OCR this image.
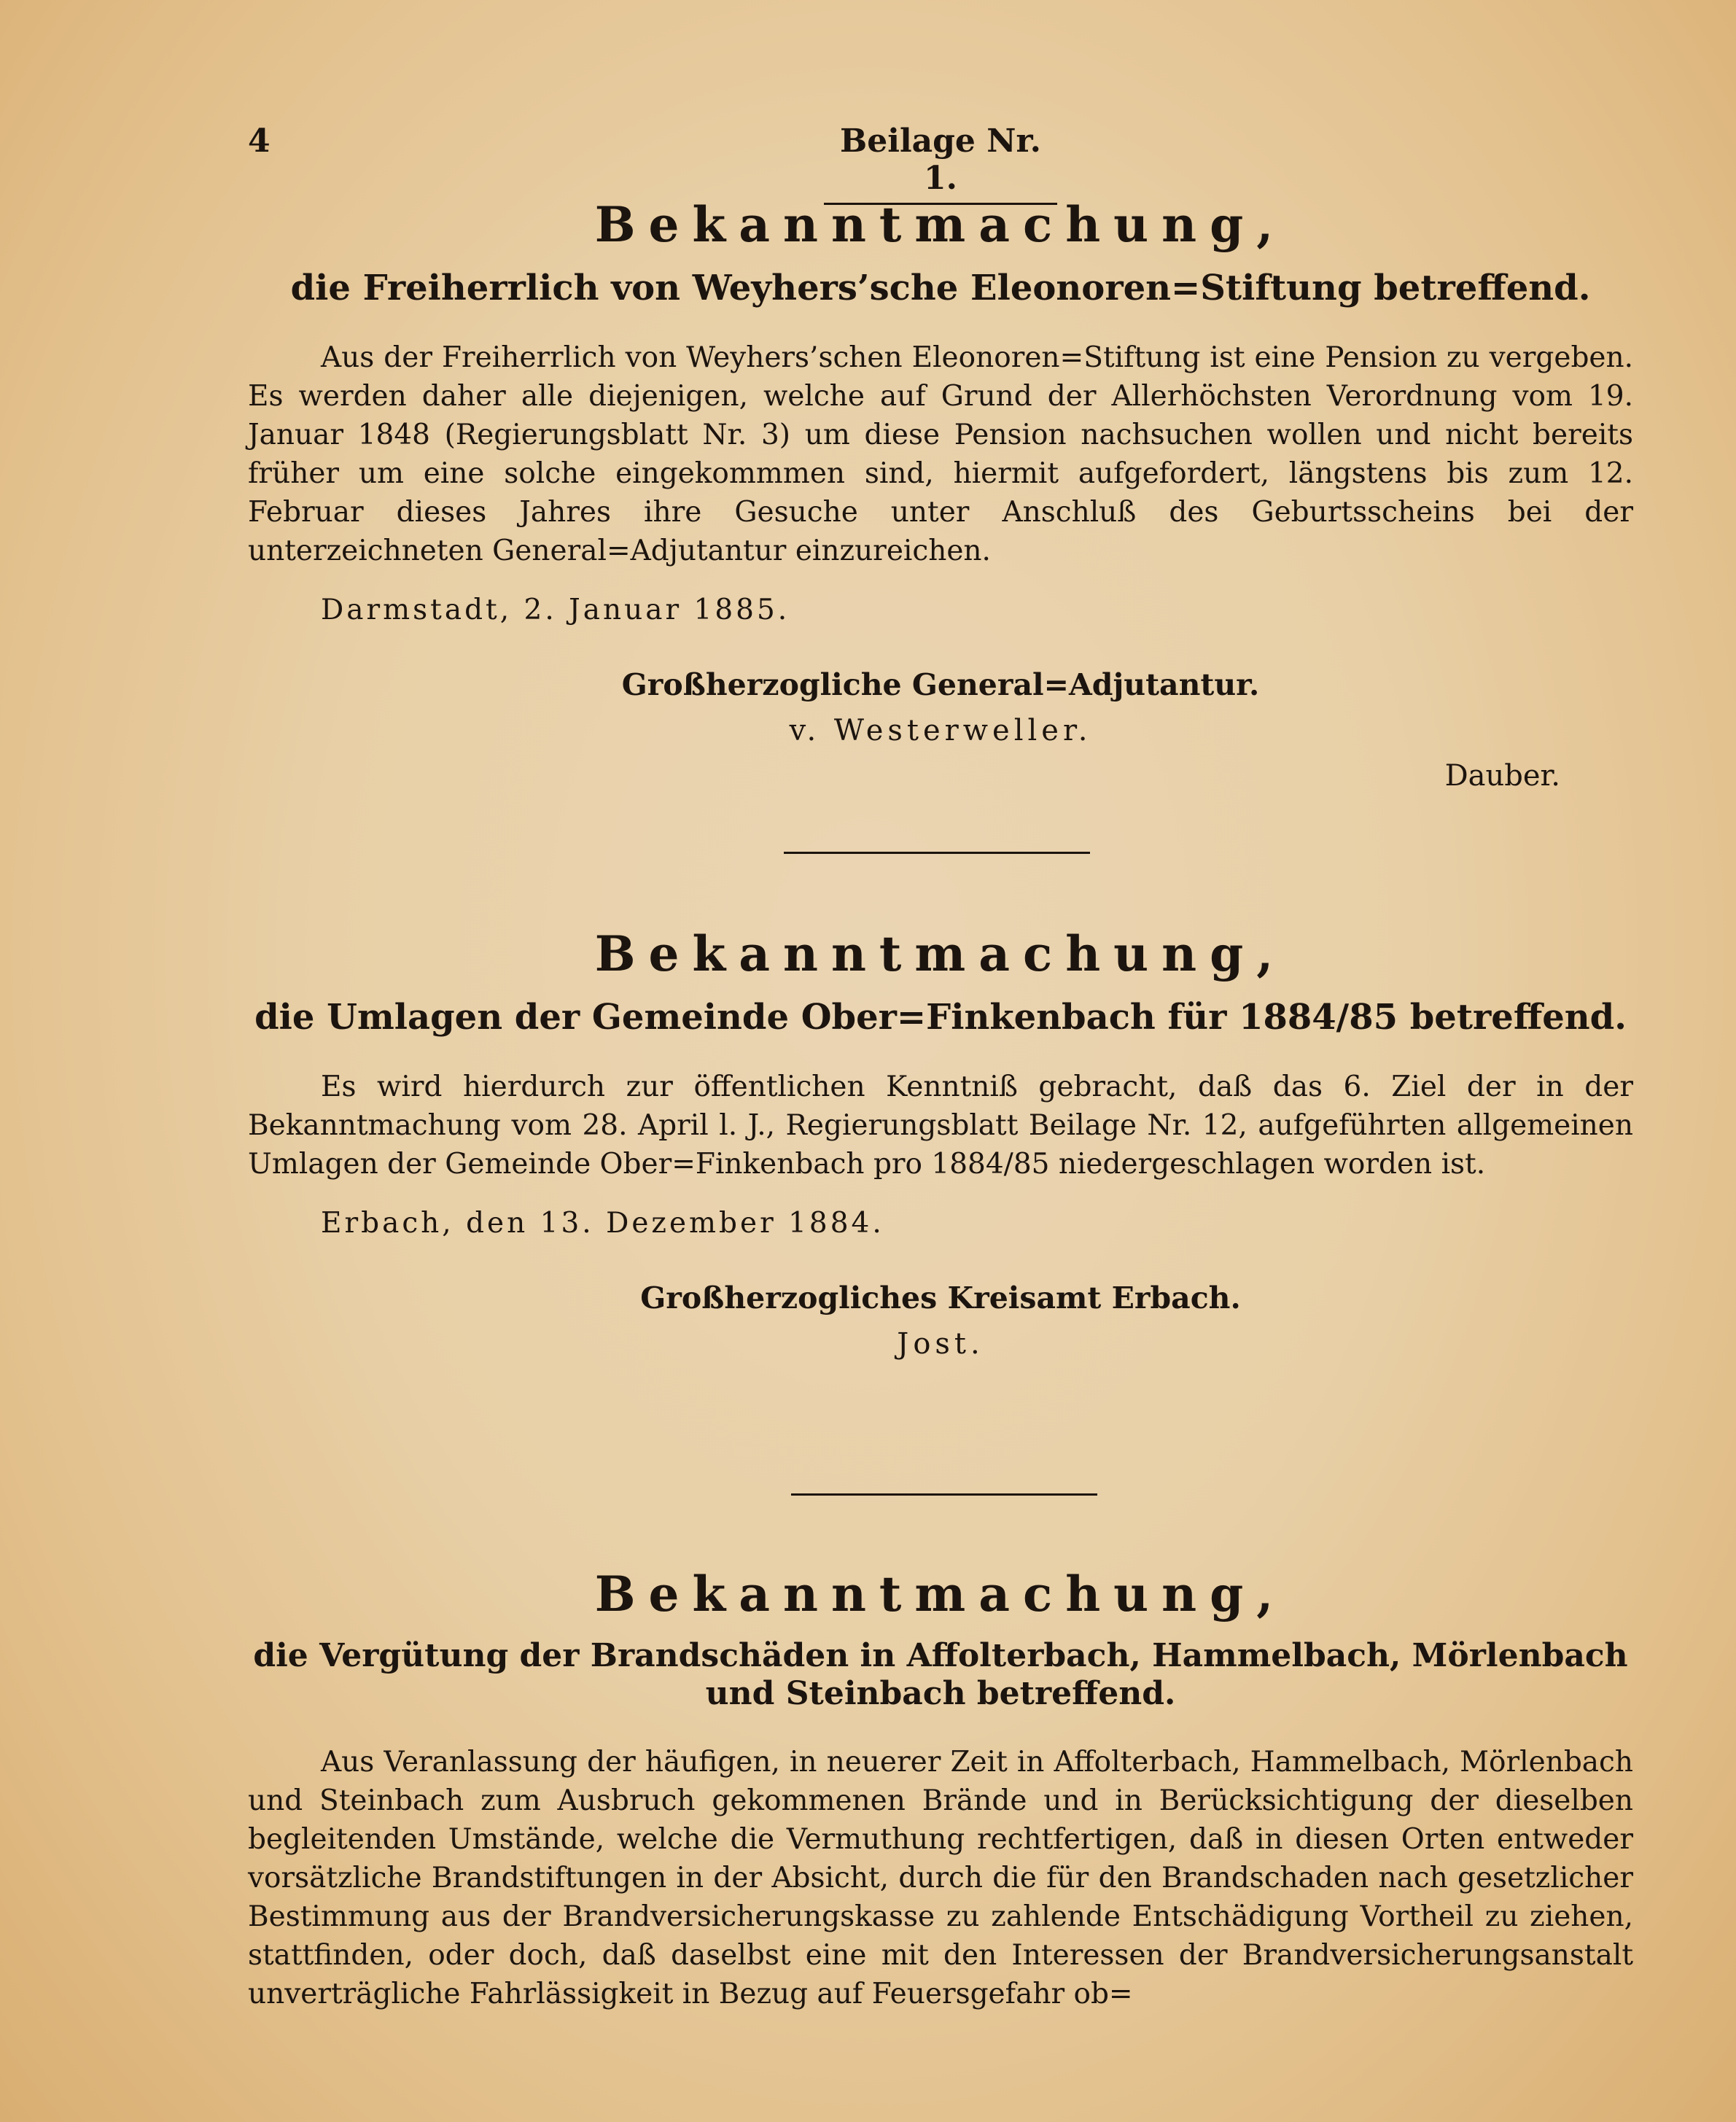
4	Beilage Nr. 1.
Bekanntmachung,
die Freiherrlich von Weyhers’sche Eleonoren=Stiftung betreffend.

Aus der Freiherrlich von Weyhers’schen Eleonoren=Stiftung ist eine Pension zu vergeben. Es werden daher alle diejenigen, welche auf Grund der Allerhöchsten Verordnung vom 19. Januar 1848 (Regierungsblatt Nr. 3) um diese Pension nachsuchen wollen und nicht bereits früher um eine solche eingekommmen sind, hiermit aufgefordert, längstens bis zum 12. Februar dieses Jahres ihre Gesuche unter Anschluß des Geburtsscheins bei der unterzeichneten General=Adjutantur einzureichen.

Darmstadt, 2. Januar 1885.

Großherzogliche General=Adjutantur.

v. Westerweller.

Dauber.

Bekanntmachung,
die Umlagen der Gemeinde Ober=Finkenbach für 1884/85 betreffend.

Es wird hierdurch zur öffentlichen Kenntniß gebracht, daß das 6. Ziel der in der Bekanntmachung vom 28. April l. J., Regierungsblatt Beilage Nr. 12, aufgeführten allgemeinen Umlagen der Gemeinde Ober=Finkenbach pro 1884/85 niedergeschlagen worden ist.

Erbach, den 13. Dezember 1884.

Großherzogliches Kreisamt Erbach.

Jost.

Bekanntmachung,
die Vergütung der Brandschäden in Affolterbach, Hammelbach, Mörlenbach und Steinbach betreffend.

Aus Veranlassung der häufigen, in neuerer Zeit in Affolterbach, Hammelbach, Mörlenbach und Steinbach zum Ausbruch gekommenen Brände und in Berücksichtigung der dieselben begleitenden Umstände, welche die Vermuthung rechtfertigen, daß in diesen Orten entweder vorsätzliche Brandstiftungen in der Absicht, durch die für den Brandschaden nach gesetzlicher Bestimmung aus der Brandversicherungskasse zu zahlende Entschädigung Vortheil zu ziehen, stattfinden, oder doch, daß daselbst eine mit den Interessen der Brandversicherungsanstalt unverträgliche Fahrlässigkeit in Bezug auf Feuersgefahr ob=
